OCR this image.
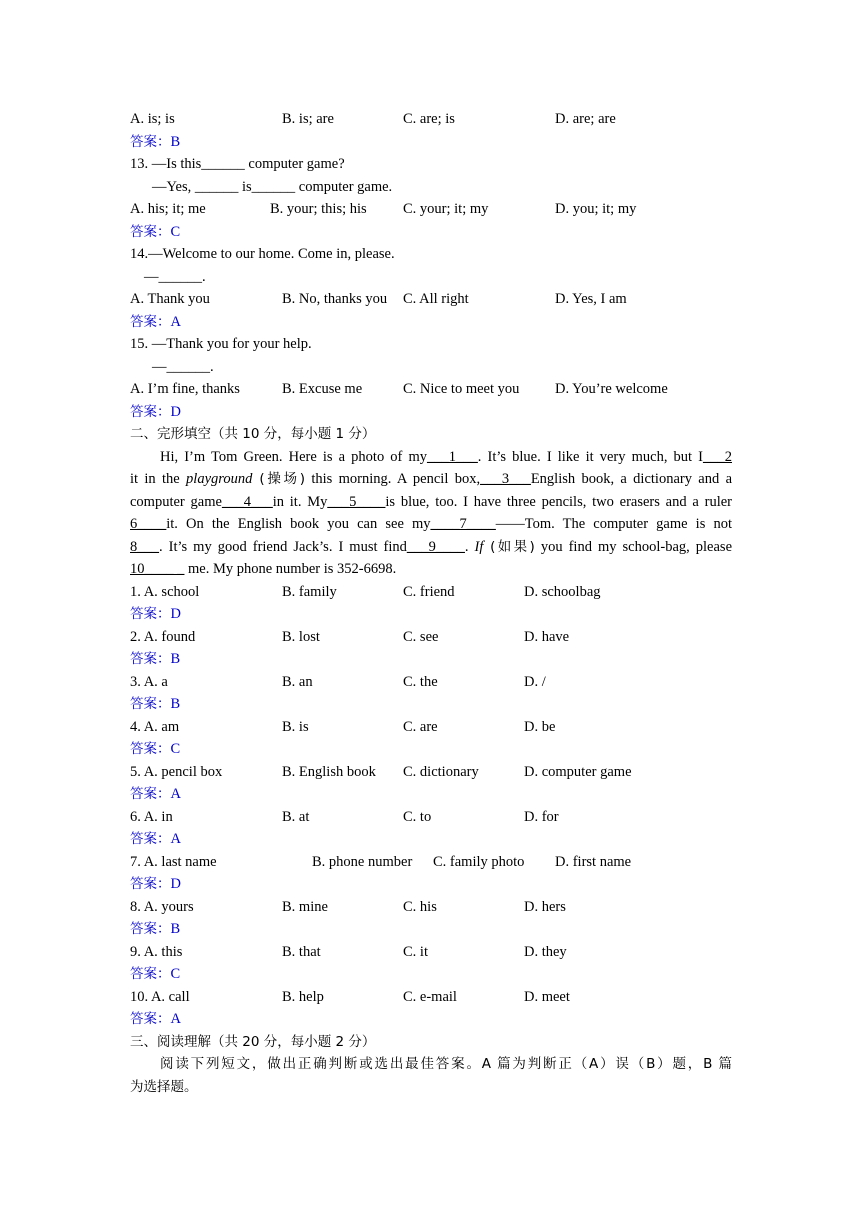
A. is; is	B. is; are	C. are; is	D. are; are
答案：B
13. —Is this______ computer game?
—Yes, ______ is______ computer game.
A. his; it; me	B. your; this; his	C. your; it; my	D. you; it; my
答案：C
14.—Welcome to our home. Come in, please.
—______.
A. Thank you	B. No, thanks you C. All right	D. Yes, I am
答案：A
15. —Thank you for your help.
—______.
A. I’m fine, thanks	B. Excuse me	C. Nice to meet you D. You’re welcome
答案：D
二、完形填空（共 10 分，每小题 1 分）
Hi, I’m Tom Green. Here is a photo of my___1___. It’s blue. I like it very much, but I___2
it in the playground (操场) this morning. A pencil box,___3___English book, a dictionary and a
computer game___4___in it. My___5____is blue, too. I have three pencils, two erasers and a ruler
6____it. On the English book you can see my____7____——Tom. The computer game is not
8___. It’s my good friend Jack’s. I must find___9____. If (如果) you find my school-bag, please
10____ _ me. My phone number is 352-6698.
1. A. school	B. family	C. friend	D. schoolbag
答案：D
2. A. found	B. lost	C. see	D. have
答案：B
3. A. a	B. an	C. the	D. /
答案：B
4. A. am	B. is	C. are	D. be
答案：C
5. A. pencil box	B. English book C. dictionary	D. computer game
答案：A
6. A. in	B. at	C. to	D. for
答案：A
7. A. last name	B. phone number C. family photo D. first name
答案：D
8. A. yours	B. mine	C. his	D. hers
答案：B
9. A. this	B. that	C. it	D. they
答案：C
10. A. call	B. help	C. e-mail	D. meet
答案：A
三、阅读理解（共 20 分，每小题 2 分）
阅读下列短文，做出正确判断或选出最佳答案。A 篇为判断正（A）误（B）题，B 篇
为选择题。
